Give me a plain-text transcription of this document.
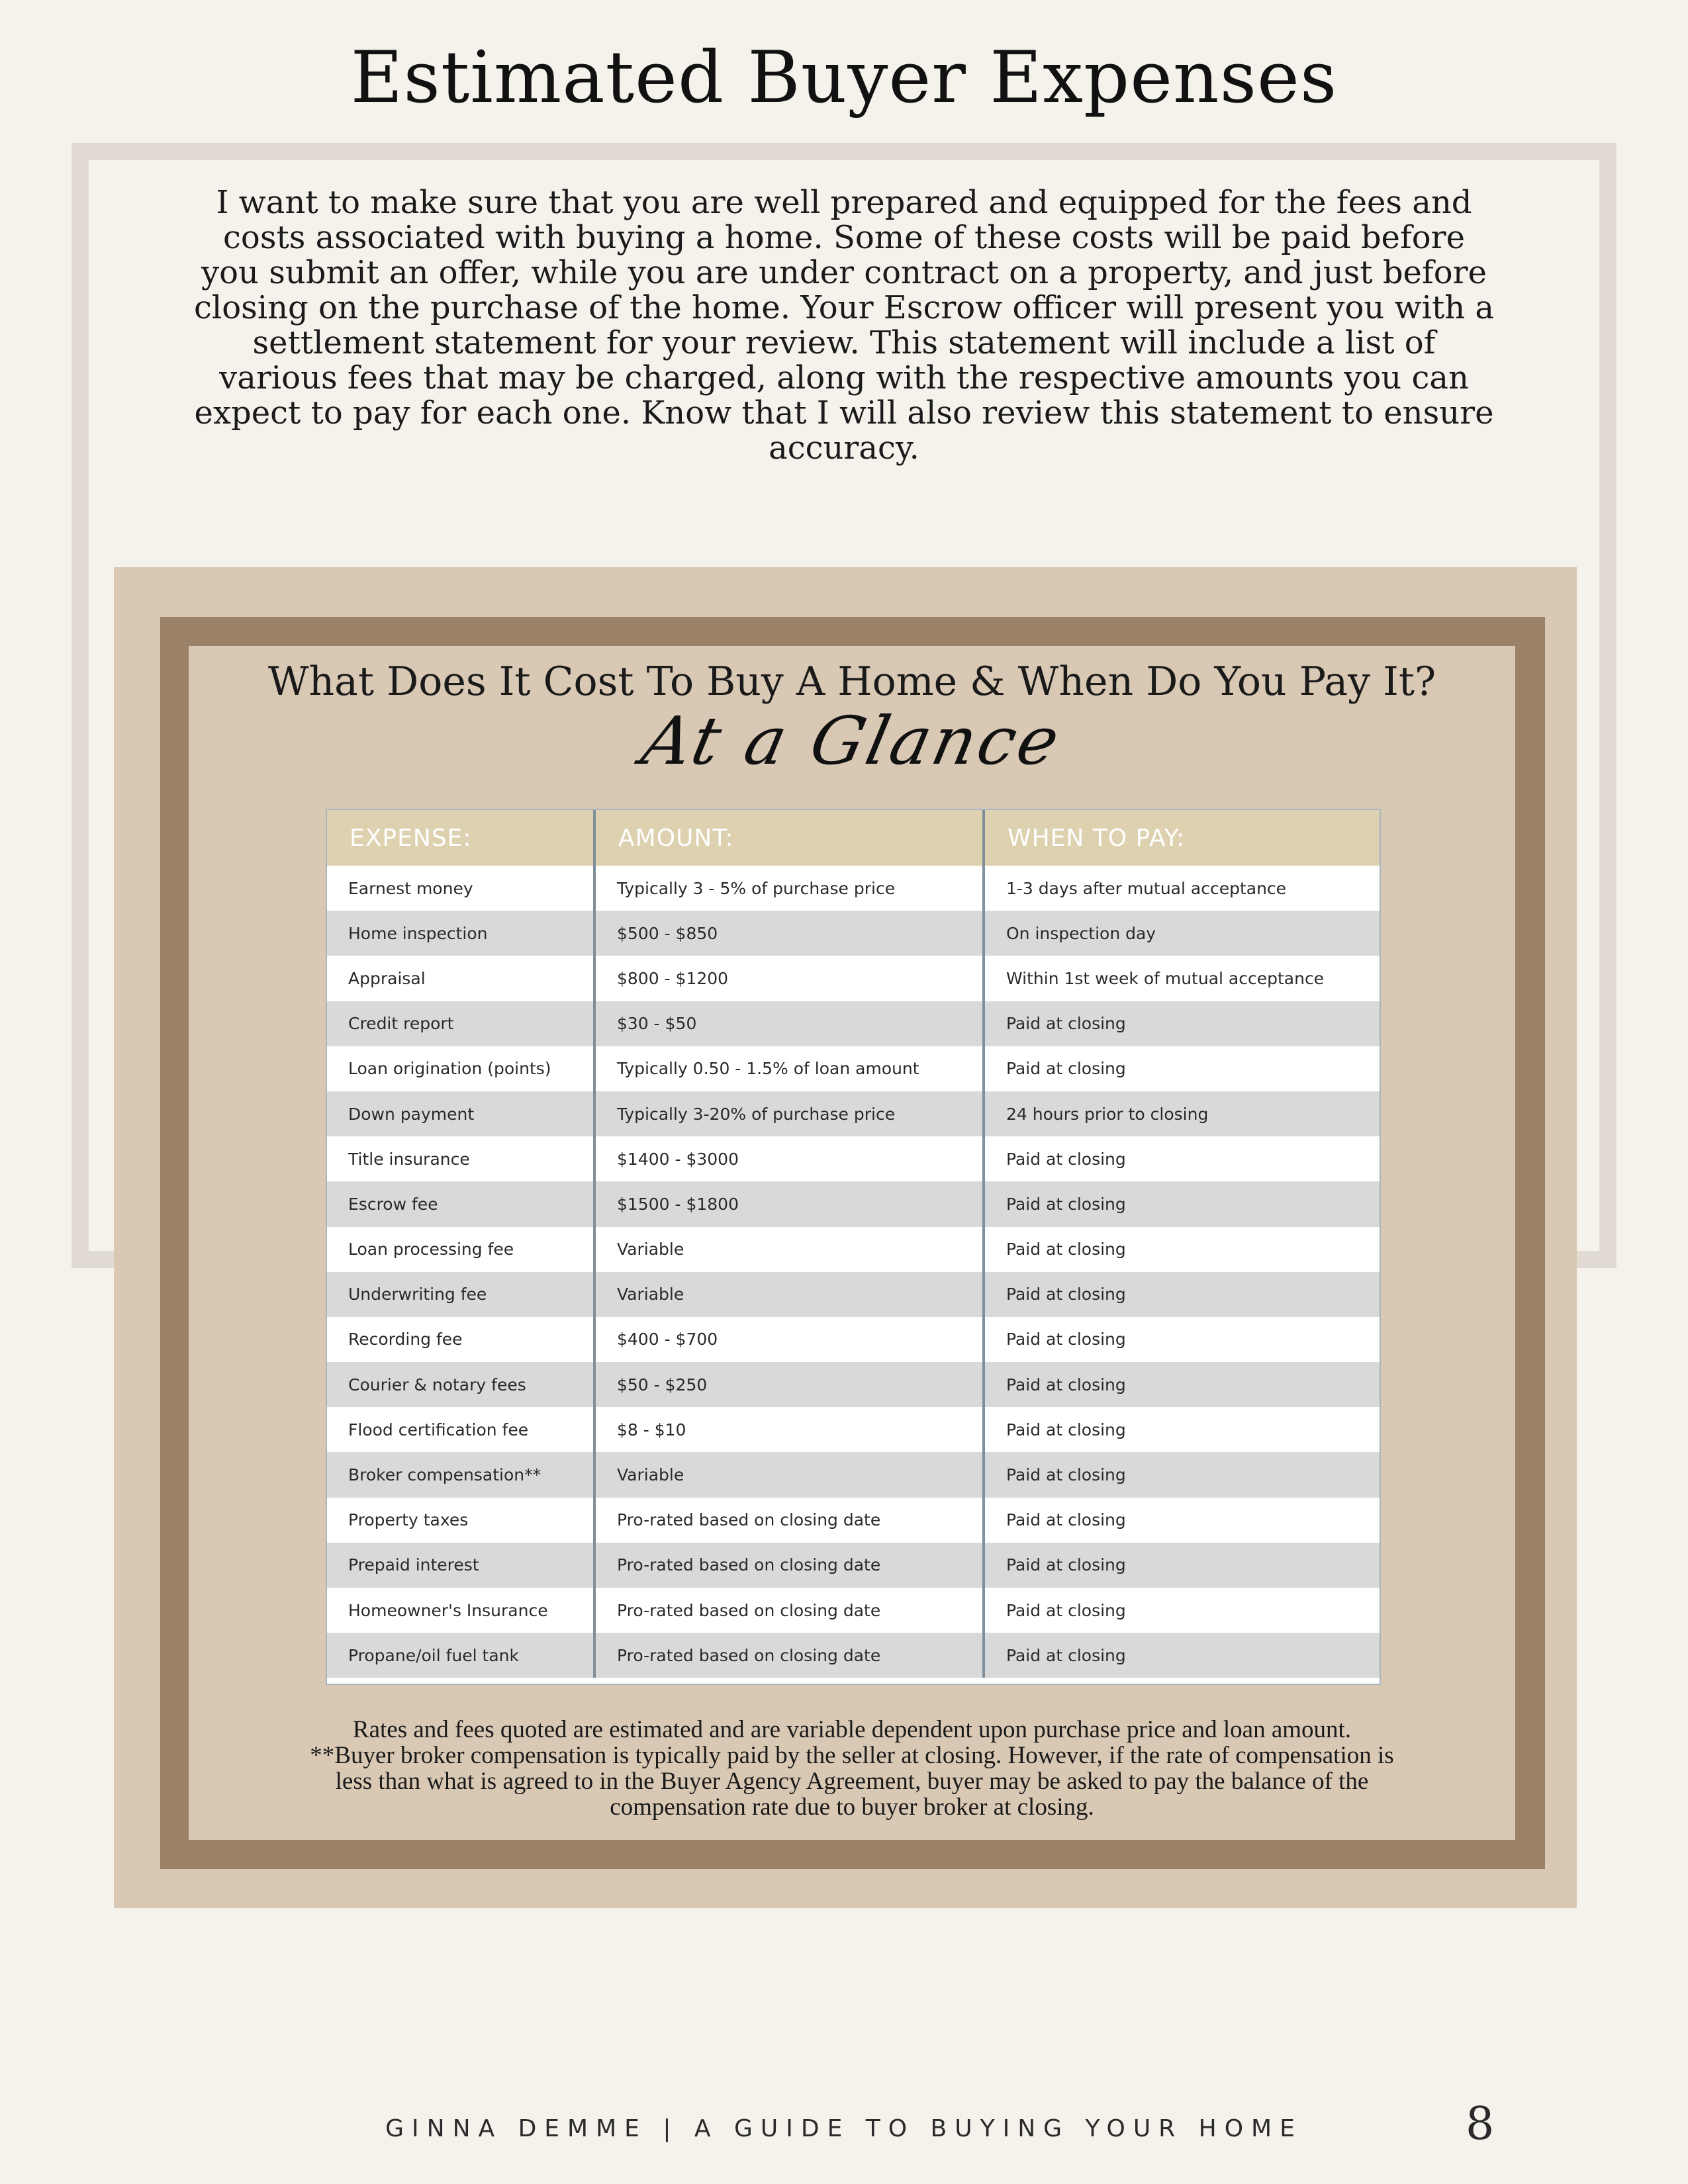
Estimated Buyer Expenses

I want to make sure that you are well prepared and equipped for the fees and costs associated with buying a home. Some of these costs will be paid before you submit an offer, while you are under contract on a property, and just before closing on the purchase of the home. Your Escrow officer will present you with a settlement statement for your review. This statement will include a list of various fees that may be charged, along with the respective amounts you can expect to pay for each one. Know that I will also review this statement to ensure accuracy.

What Does It Cost To Buy A Home & When Do You Pay It?
At a Glance
EXPENSE:	AMOUNT:	WHEN TO PAY:
Earnest money	Typically 3 - 5% of purchase price	1-3 days after mutual acceptance
Home inspection	$500 - $850	On inspection day
Appraisal	$800 - $1200	Within 1st week of mutual acceptance
Credit report	$30 - $50	Paid at closing
Loan origination (points)	Typically 0.50 - 1.5% of loan amount	Paid at closing
Down payment	Typically 3-20% of purchase price	24 hours prior to closing
Title insurance	$1400 - $3000	Paid at closing
Escrow fee	$1500 - $1800	Paid at closing
Loan processing fee	Variable	Paid at closing
Underwriting fee	Variable	Paid at closing
Recording fee	$400 - $700	Paid at closing
Courier & notary fees	$50 - $250	Paid at closing
Flood certification fee	$8 - $10	Paid at closing
Broker compensation**	Variable	Paid at closing
Property taxes	Pro-rated based on closing date	Paid at closing
Prepaid interest	Pro-rated based on closing date	Paid at closing
Homeowner's Insurance	Pro-rated based on closing date	Paid at closing
Propane/oil fuel tank	Pro-rated based on closing date	Paid at closing
Rates and fees quoted are estimated and are variable dependent upon purchase price and loan amount.
**Buyer broker compensation is typically paid by the seller at closing. However, if the rate of compensation is less than what is agreed to in the Buyer Agency Agreement, buyer may be asked to pay the balance of the compensation rate due to buyer broker at closing.
GINNA DEMME | A GUIDE TO BUYING YOUR HOME	8
